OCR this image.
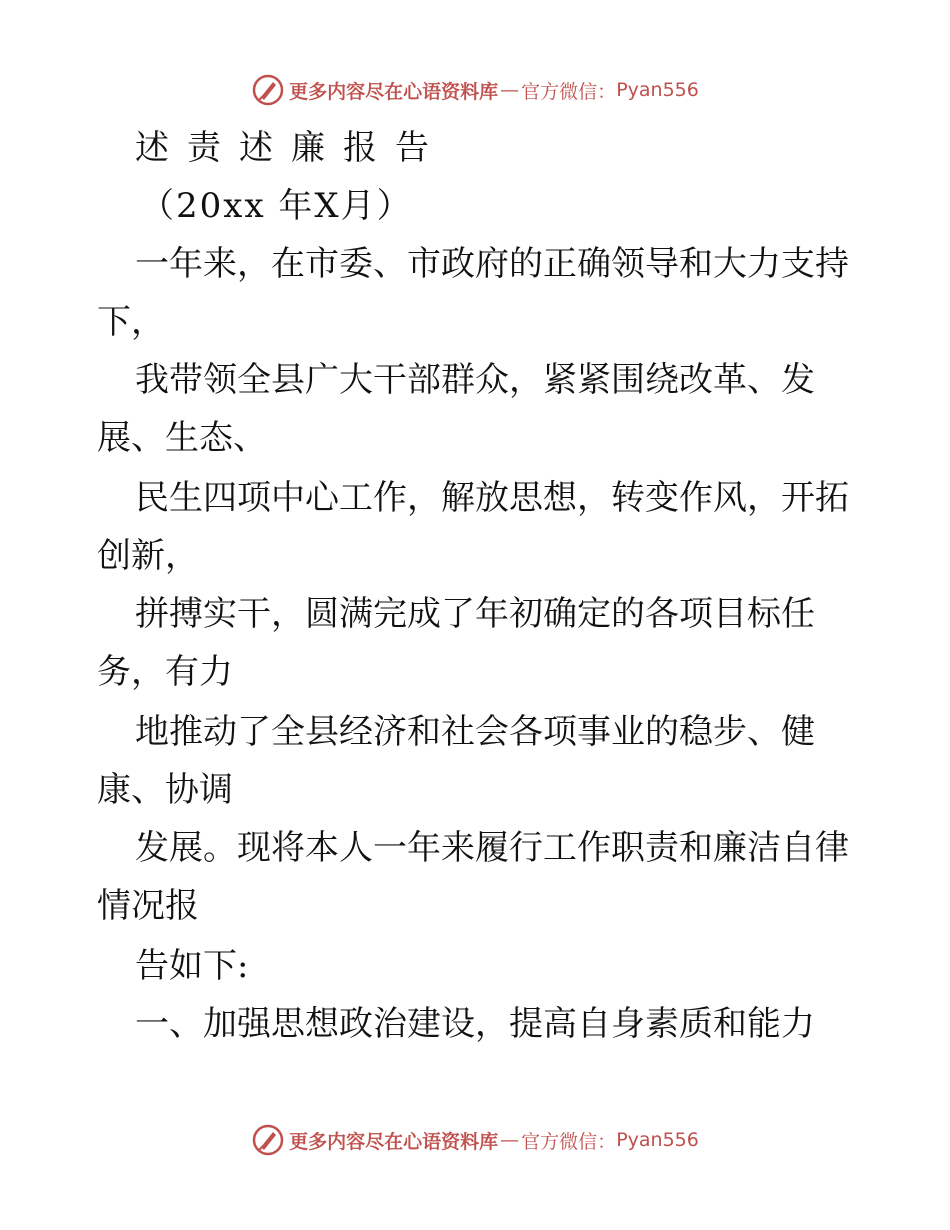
更多内容尽在心语资料库 — 官方微信： Pyan556
述责述廉报告
（20xx 年X月）
一年来，在市委、市政府的正确领导和大力支持
下，
我带领全县广大干部群众，紧紧围绕改革、发
展、生态、
民生四项中心工作，解放思想，转变作风，开拓
创新，
拼搏实干，圆满完成了年初确定的各项目标任
务，有力
地推动了全县经济和社会各项事业的稳步、健
康、协调
发展。现将本人一年来履行工作职责和廉洁自律
情况报
告如下:
一、加强思想政治建设，提高自身素质和能力
更多内容尽在心语资料库 — 官方微信： Pyan556
